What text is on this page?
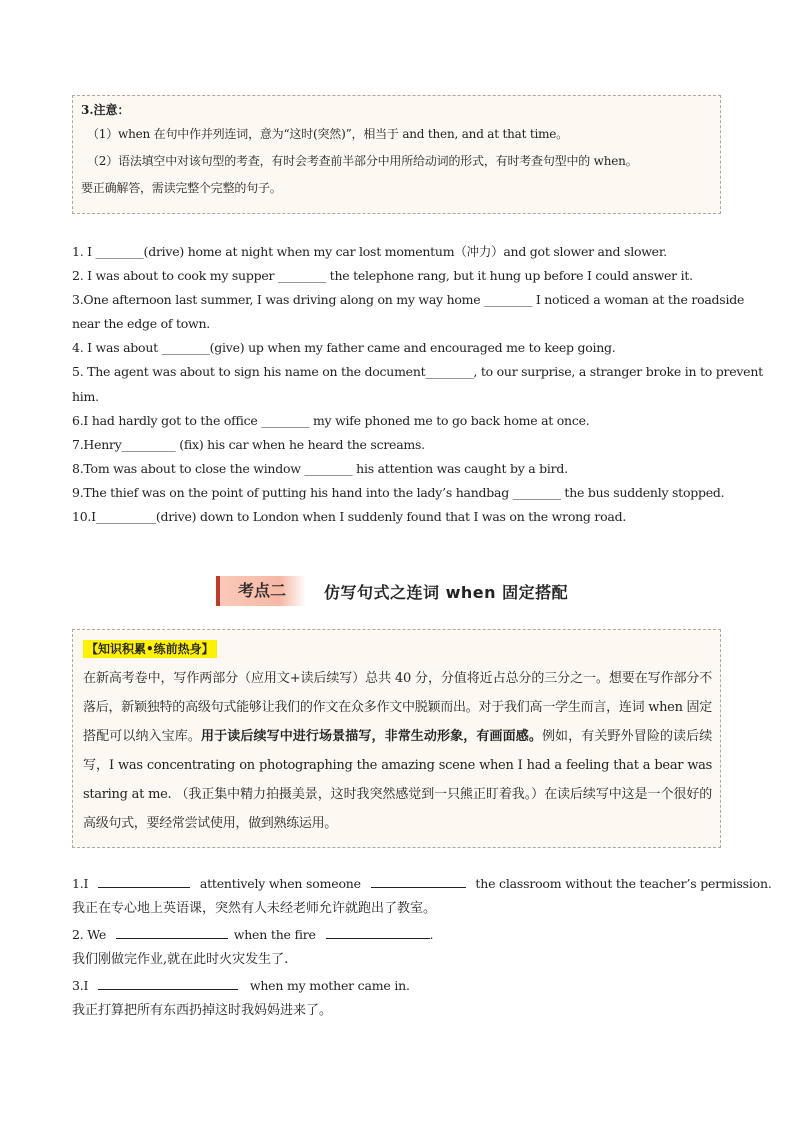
3.注意：
（1）when 在句中作并列连词，意为“这时(突然)”，相当于 and then, and at that time。
（2）语法填空中对该句型的考查，有时会考查前半部分中用所给动词的形式，有时考查句型中的 when。
要正确解答，需读完整个完整的句子。
1. I ________(drive) home at night when my car lost momentum（冲力）and got slower and slower.
2. I was about to cook my supper ________ the telephone rang, but it hung up before I could answer it.
3.One afternoon last summer, I was driving along on my way home ________ I noticed a woman at the roadside
near the edge of town.
4. I was about ________(give) up when my father came and encouraged me to keep going.
5. The agent was about to sign his name on the document________, to our surprise, a stranger broke in to prevent
him.
6.I had hardly got to the office ________ my wife phoned me to go back home at once.
7.Henry_________ (fix) his car when he heard the screams.
8.Tom was about to close the window ________ his attention was caught by a bird.
9.The thief was on the point of putting his hand into the lady’s handbag ________ the bus suddenly stopped.
10.I__________(drive) down to London when I suddenly found that I was on the wrong road.
考点二	仿写句式之连词 when 固定搭配
【知识积累•练前热身】
在新高考卷中，写作两部分（应用文+读后续写）总共 40 分，分值将近占总分的三分之一。想要在写作部分不落后，新颖独特的高级句式能够让我们的作文在众多作文中脱颖而出。对于我们高一学生而言，连词 when 固定搭配可以纳入宝库。用于读后续写中进行场景描写，非常生动形象，有画面感。例如，有关野外冒险的读后续写，I was concentrating on photographing the amazing scene when I had a feeling that a bear was staring at me. （我正集中精力拍摄美景，这时我突然感觉到一只熊正盯着我。）在读后续写中这是一个很好的高级句式，要经常尝试使用，做到熟练运用。
1.I	attentively when someone	the classroom without the teacher’s permission.
我正在专心地上英语课，突然有人未经老师允许就跑出了教室。
2. We	when the fire	.
我们刚做完作业,就在此时火灾发生了.
3.I	when my mother came in.
我正打算把所有东西扔掉这时我妈妈进来了。
